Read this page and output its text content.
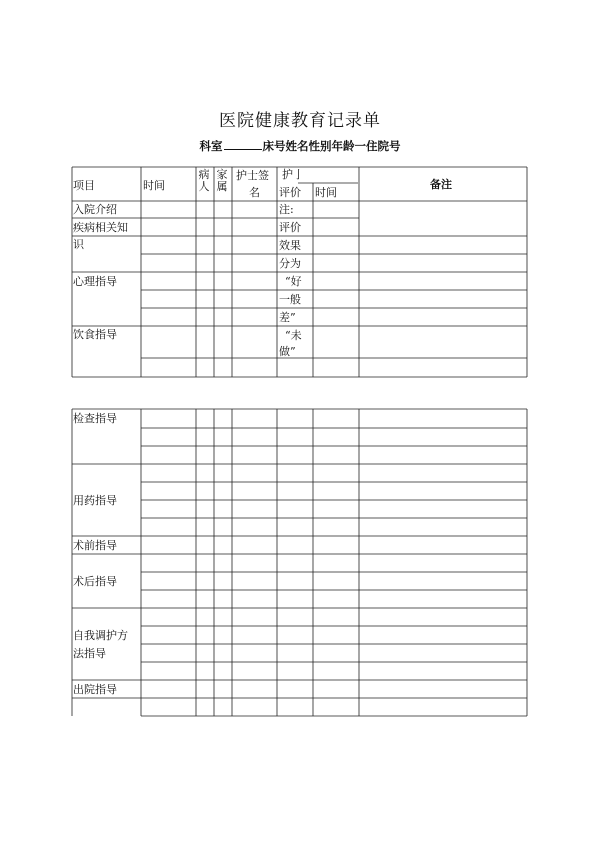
医院健康教育记录单
科室	床号姓名性别年龄一住院号
项目	时间
病人
家属
护士签
名
护亅
评价 时间
备注
入院介绍
疾病相关知
识
心理指导
饮食指导
注:
评价
效果
分为
“好
一般
差”
“未
做”
检查指导
用药指导
术前指导
术后指导
自我调护方
法指导
出院指导
